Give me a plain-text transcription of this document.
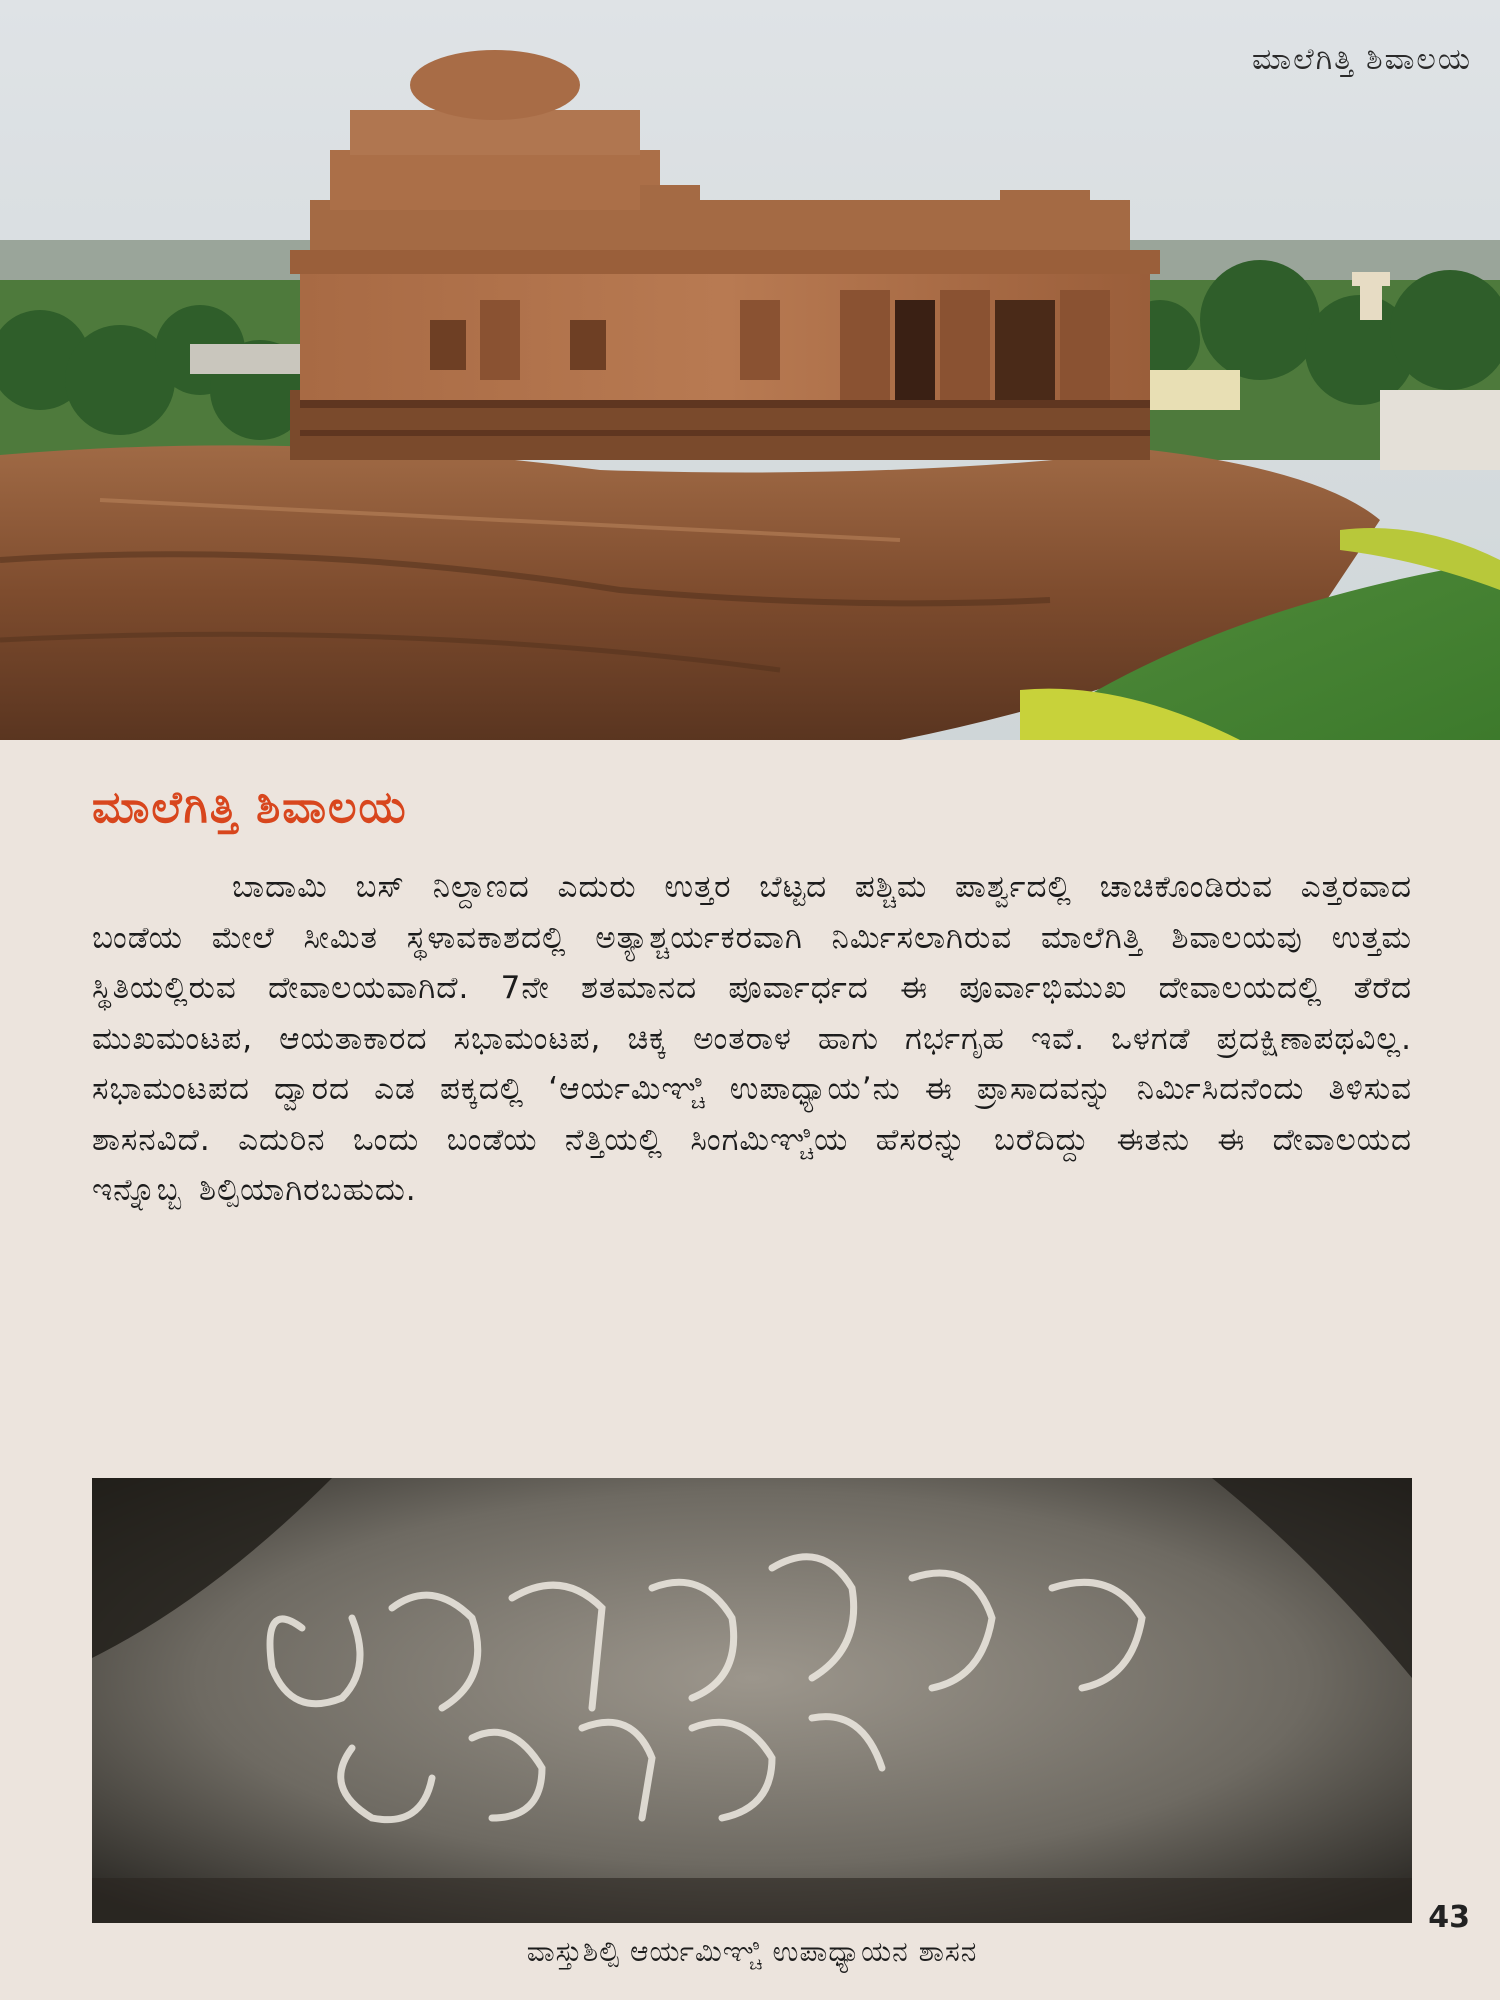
ಮಾಲೆಗಿತ್ತಿ ಶಿವಾಲಯ
ಮಾಲೆಗಿತ್ತಿ ಶಿವಾಲಯ

ಬಾದಾಮಿ ಬಸ್ ನಿಲ್ದಾಣದ ಎದುರು ಉತ್ತರ ಬೆಟ್ಟದ ಪಶ್ಚಿಮ ಪಾರ್ಶ್ವದಲ್ಲಿ ಚಾಚಿಕೊಂಡಿರುವ ಎತ್ತರವಾದ ಬಂಡೆಯ ಮೇಲೆ ಸೀಮಿತ ಸ್ಥಳಾವಕಾಶದಲ್ಲಿ ಅತ್ಯಾಶ್ಚರ್ಯಕರವಾಗಿ ನಿರ್ಮಿಸಲಾಗಿರುವ ಮಾಲೆಗಿತ್ತಿ ಶಿವಾಲಯವು ಉತ್ತಮ ಸ್ಥಿತಿಯಲ್ಲಿರುವ ದೇವಾಲಯವಾಗಿದೆ. 7ನೇ ಶತಮಾನದ ಪೂರ್ವಾರ್ಧದ ಈ ಪೂರ್ವಾಭಿಮುಖ ದೇವಾಲಯದಲ್ಲಿ ತೆರೆದ ಮುಖಮಂಟಪ, ಆಯತಾಕಾರದ ಸಭಾಮಂಟಪ, ಚಿಕ್ಕ ಅಂತರಾಳ ಹಾಗು ಗರ್ಭಗೃಹ ಇವೆ. ಒಳಗಡೆ ಪ್ರದಕ್ಷಿಣಾಪಥವಿಲ್ಲ. ಸಭಾಮಂಟಪದ ದ್ವಾರದ ಎಡ ಪಕ್ಕದಲ್ಲಿ ‘ಆರ್ಯಮಿಞ್ಚಿ ಉಪಾಧ್ಯಾಯ’ನು ಈ ಪ್ರಾಸಾದವನ್ನು ನಿರ್ಮಿಸಿದನೆಂದು ತಿಳಿಸುವ ಶಾಸನವಿದೆ. ಎದುರಿನ ಒಂದು ಬಂಡೆಯ ನೆತ್ತಿಯಲ್ಲಿ ಸಿಂಗಮಿಞ್ಚಿಯ ಹೆಸರನ್ನು ಬರೆದಿದ್ದು ಈತನು ಈ ದೇವಾಲಯದ ಇನ್ನೊಬ್ಬ ಶಿಲ್ಪಿಯಾಗಿರಬಹುದು.

ವಾಸ್ತುಶಿಲ್ಪಿ ಆರ್ಯಮಿಞ್ಚಿ ಉಪಾಧ್ಯಾಯನ ಶಾಸನ
43
